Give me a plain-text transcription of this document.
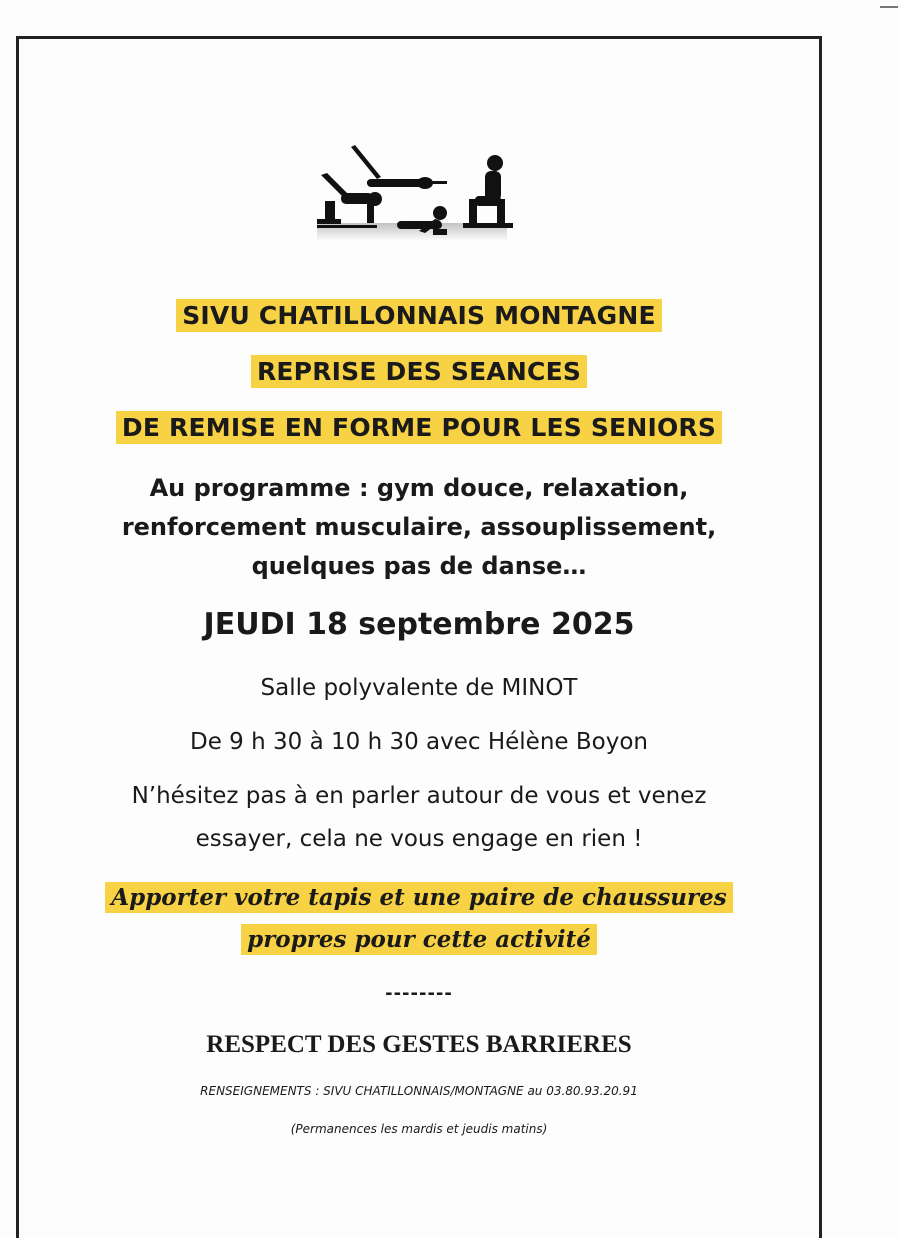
SIVU CHATILLONNAIS MONTAGNE
REPRISE DES SEANCES
DE REMISE EN FORME POUR LES SENIORS
Au programme : gym douce, relaxation,
renforcement musculaire, assouplissement,
quelques pas de danse…
JEUDI 18 septembre 2025
Salle polyvalente de MINOT
De 9 h 30 à 10 h 30 avec Hélène Boyon
N’hésitez pas à en parler autour de vous et venez
essayer, cela ne vous engage en rien !
Apporter votre tapis et une paire de chaussures
propres pour cette activité
--------
RESPECT DES GESTES BARRIERES
RENSEIGNEMENTS : SIVU CHATILLONNAIS/MONTAGNE au 03.80.93.20.91
(Permanences les mardis et jeudis matins)
